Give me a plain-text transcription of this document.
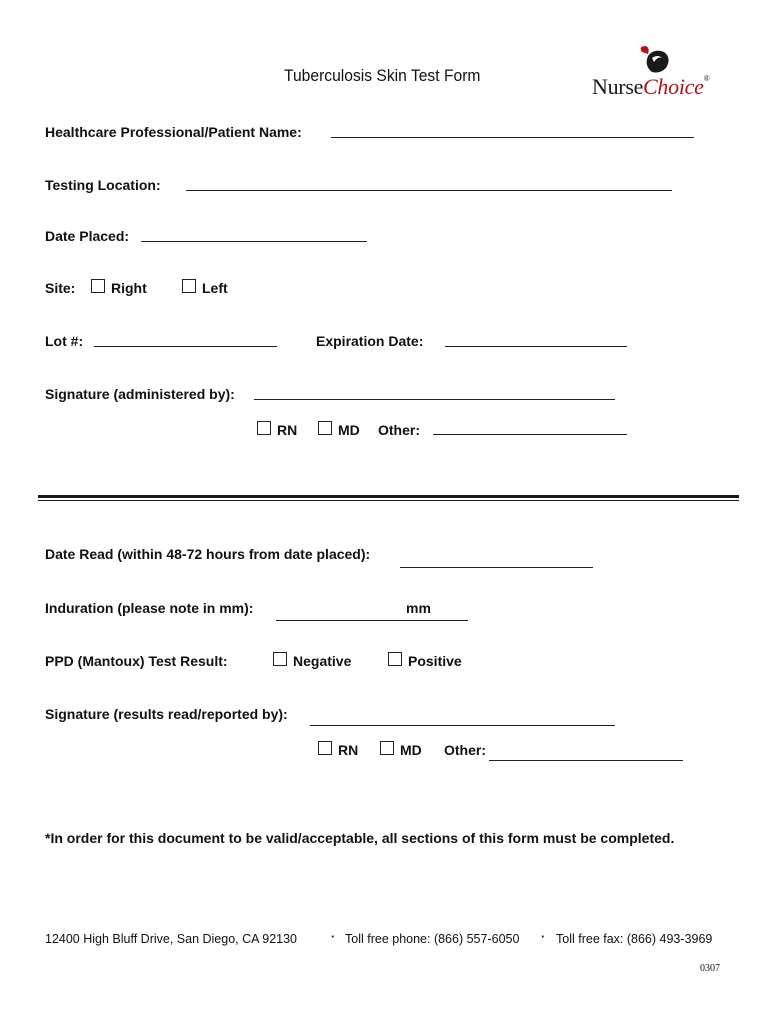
Tuberculosis Skin Test Form	NurseChoice®
Healthcare Professional/Patient Name:
Testing Location:
Date Placed:
Site:	Right	Left
Lot #:	Expiration Date:
Signature (administered by):
RN	MD Other:
Date Read (within 48-72 hours from date placed):
Induration (please note in mm):	mm
PPD (Mantoux) Test Result:	Negative	Positive
Signature (results read/reported by):
RN	MD Other:
*In order for this document to be valid/acceptable, all sections of this form must be completed.
12400 High Bluff Drive, San Diego, CA 92130	· Toll free phone: (866) 557-6050 · Toll free fax: (866) 493-3969
0307
